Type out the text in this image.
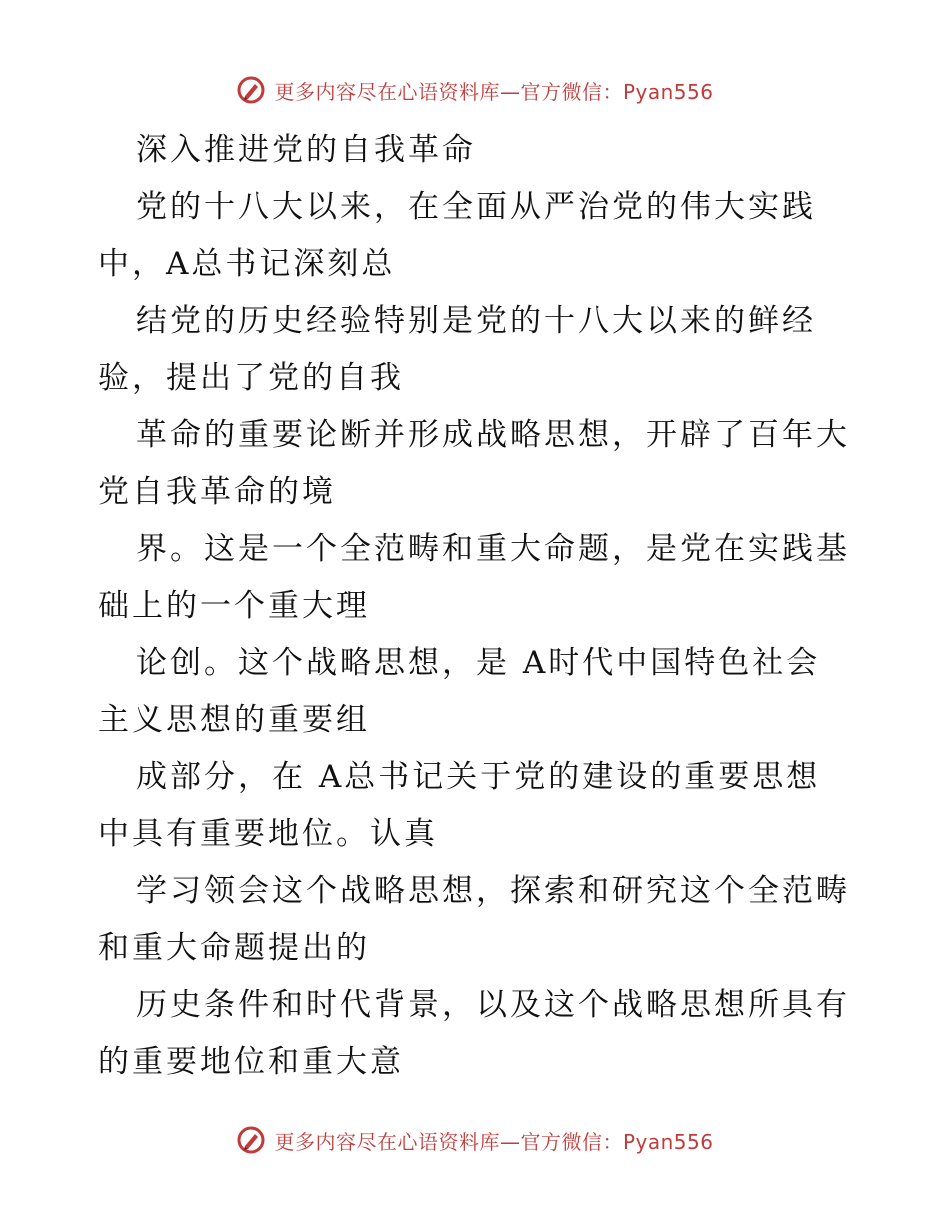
更多内容尽在心语资料库—官方微信：Pyan556
深入推进党的自我革命
党的十八大以来，在全面从严治党的伟大实践
中，A总书记深刻总
结党的历史经验特别是党的十八大以来的鲜经
验，提出了党的自我
革命的重要论断并形成战略思想，开辟了百年大
党自我革命的境
界。这是一个全范畴和重大命题，是党在实践基
础上的一个重大理
论创。这个战略思想，是 A时代中国特色社会
主义思想的重要组
成部分，在 A总书记关于党的建设的重要思想
中具有重要地位。认真
学习领会这个战略思想，探索和研究这个全范畴
和重大命题提出的
历史条件和时代背景，以及这个战略思想所具有
的重要地位和重大意
更多内容尽在心语资料库—官方微信：Pyan556
